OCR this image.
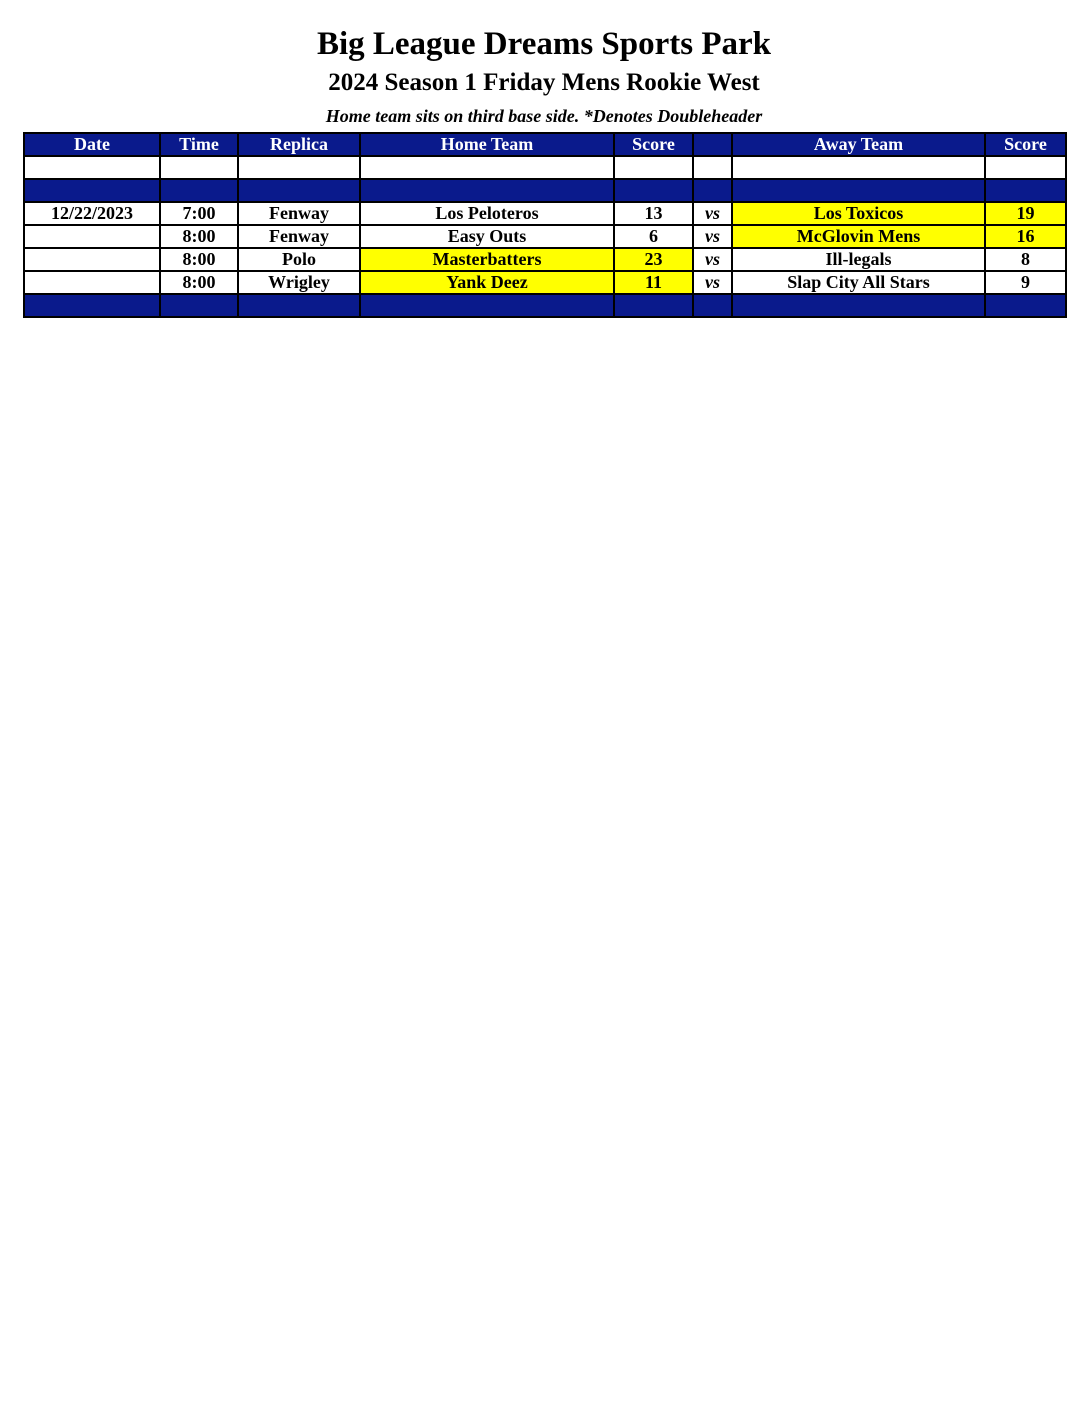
Big League Dreams Sports Park
2024 Season 1 Friday Mens Rookie West
Home team sits on third base side. *Denotes Doubleheader
Date	Time	Replica	Home Team	Score		Away Team	Score

12/22/2023	7:00	Fenway	Los Peloteros	13	vs	Los Toxicos	19
	8:00	Fenway	Easy Outs	6	vs	McGlovin Mens	16
	8:00	Polo	Masterbatters	23	vs	Ill-legals	8
	8:00	Wrigley	Yank Deez	11	vs	Slap City All Stars	9
